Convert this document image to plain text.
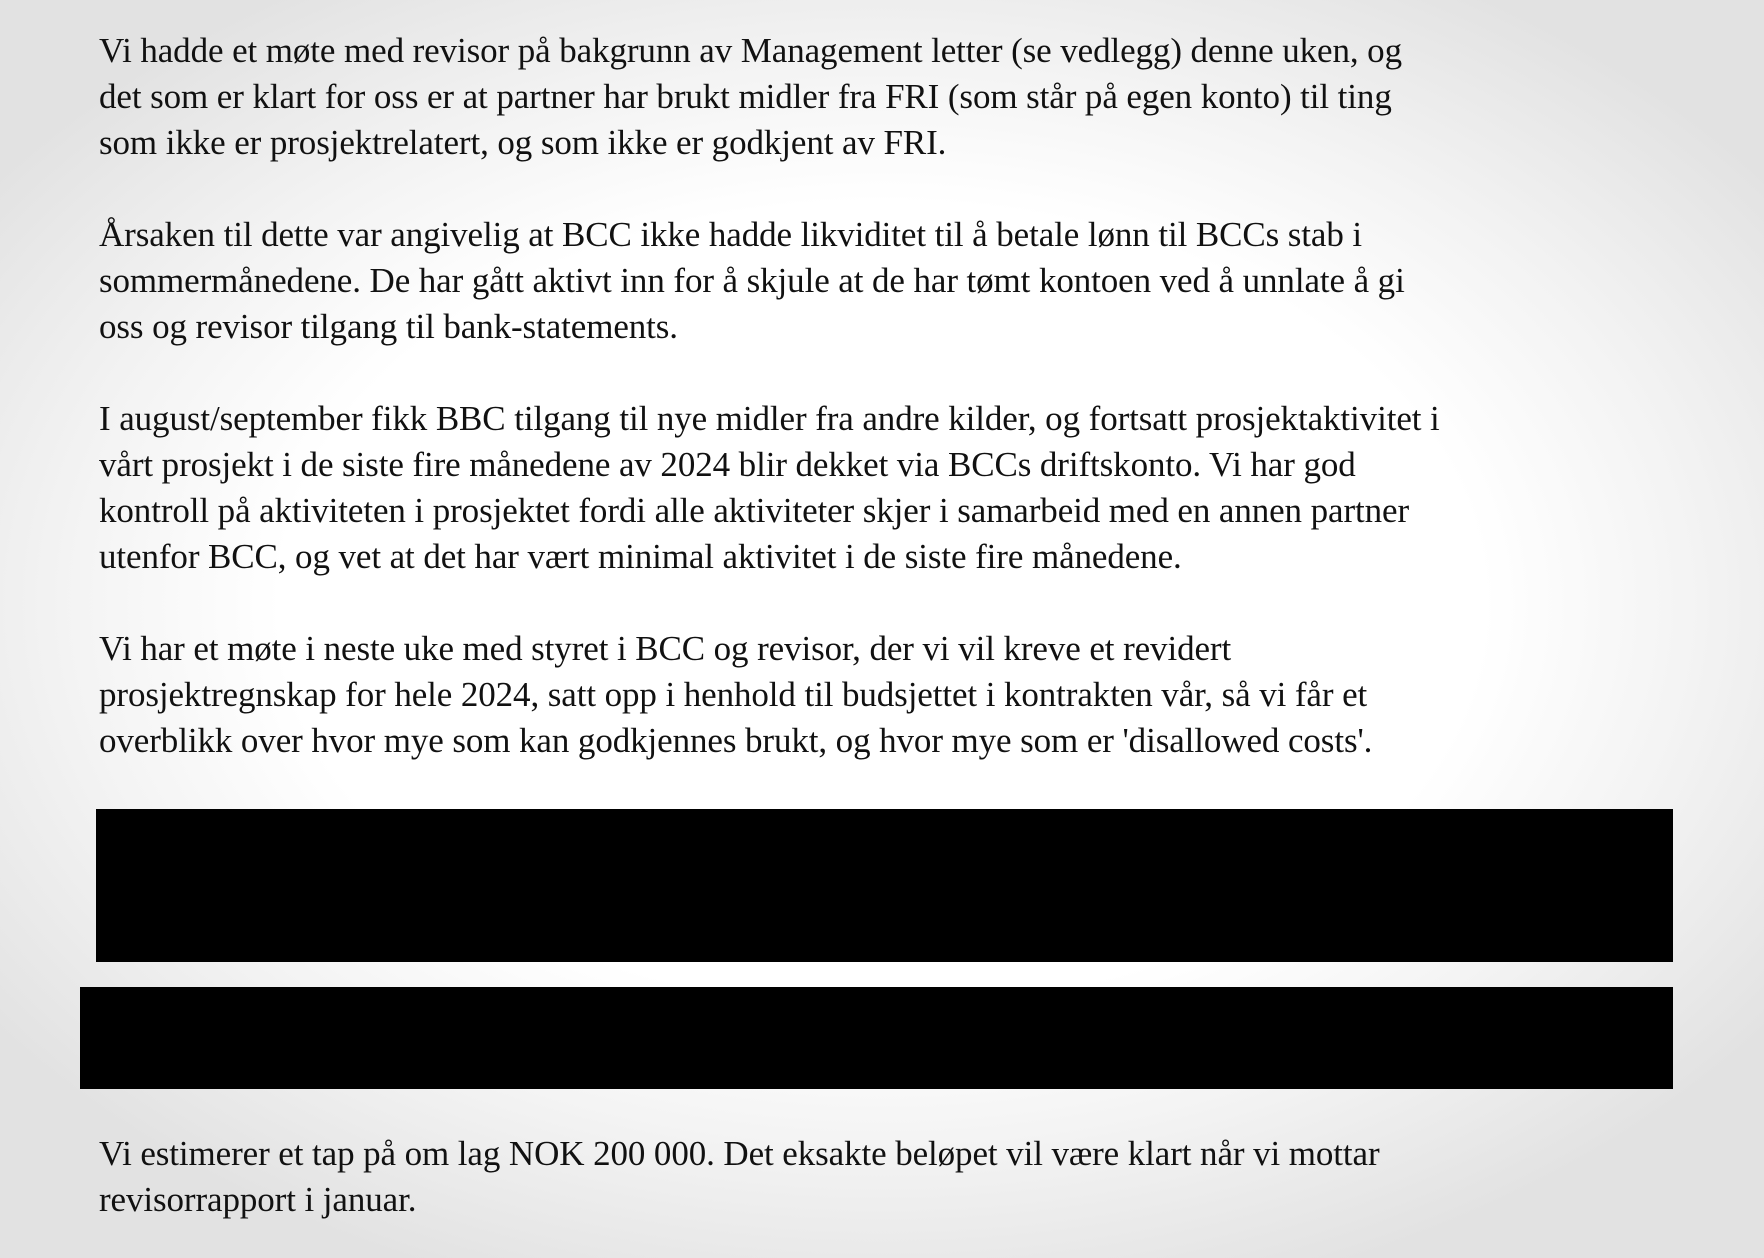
Vi hadde et møte med revisor på bakgrunn av Management letter (se vedlegg) denne uken, og
det som er klart for oss er at partner har brukt midler fra FRI (som står på egen konto) til ting
som ikke er prosjektrelatert, og som ikke er godkjent av FRI.

Årsaken til dette var angivelig at BCC ikke hadde likviditet til å betale lønn til BCCs stab i
sommermånedene. De har gått aktivt inn for å skjule at de har tømt kontoen ved å unnlate å gi
oss og revisor tilgang til bank-statements.

I august/september fikk BBC tilgang til nye midler fra andre kilder, og fortsatt prosjektaktivitet i
vårt prosjekt i de siste fire månedene av 2024 blir dekket via BCCs driftskonto. Vi har god
kontroll på aktiviteten i prosjektet fordi alle aktiviteter skjer i samarbeid med en annen partner
utenfor BCC, og vet at det har vært minimal aktivitet i de siste fire månedene.

Vi har et møte i neste uke med styret i BCC og revisor, der vi vil kreve et revidert
prosjektregnskap for hele 2024, satt opp i henhold til budsjettet i kontrakten vår, så vi får et
overblikk over hvor mye som kan godkjennes brukt, og hvor mye som er 'disallowed costs'.

Vi estimerer et tap på om lag NOK 200 000. Det eksakte beløpet vil være klart når vi mottar
revisorrapport i januar.
